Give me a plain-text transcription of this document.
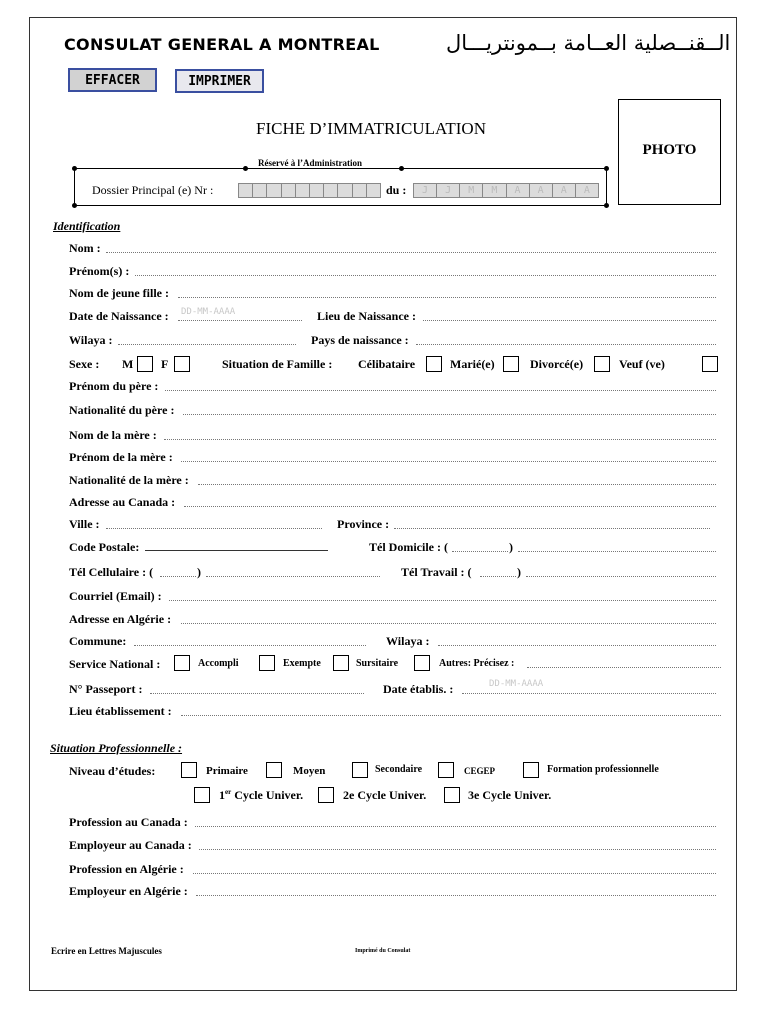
CONSULAT GENERAL A MONTREAL	الــقنــصلية العــامة بــمونتريـــال
EFFACER	IMPRIMER
FICHE D’IMMATRICULATION
PHOTO
Réservé à l’Administration
Dossier Principal (e) Nr :	du :	J	J	M	M	A	A	A	A
Identification
Nom :
Prénom(s) :
Nom de jeune fille :
Date de Naissance : DD-MM-AAAA	Lieu de Naissance :
Wilaya :	Pays de naissance :
Sexe : M F	Situation de Famille : Célibataire	Marié(e)	Divorcé(e)	Veuf (ve)
Prénom du père :
Nationalité du père :
Nom de la mère :
Prénom de la mère :
Nationalité de la mère :
Adresse au Canada :
Ville :	Province :
Code Postale:	Tél Domicile : (	)
Tél Cellulaire : (	)	Tél Travail : (	)
Courriel (Email) :
Adresse en Algérie :
Commune:	Wilaya :
Service National :	Accompli	Exempte	Sursitaire	Autres: Précisez :
N° Passeport :	Date établis. :	DD-MM-AAAA
Lieu établissement :
Situation Professionnelle :
Niveau d’études:	Primaire	Moyen	Secondaire	CEGEP	Formation professionnelle
1er Cycle Univer.	2e Cycle Univer.	3e Cycle Univer.
Profession au Canada :
Employeur au Canada :
Profession en Algérie :
Employeur en Algérie :
Ecrire en Lettres Majuscules	Imprimé du Consulat
